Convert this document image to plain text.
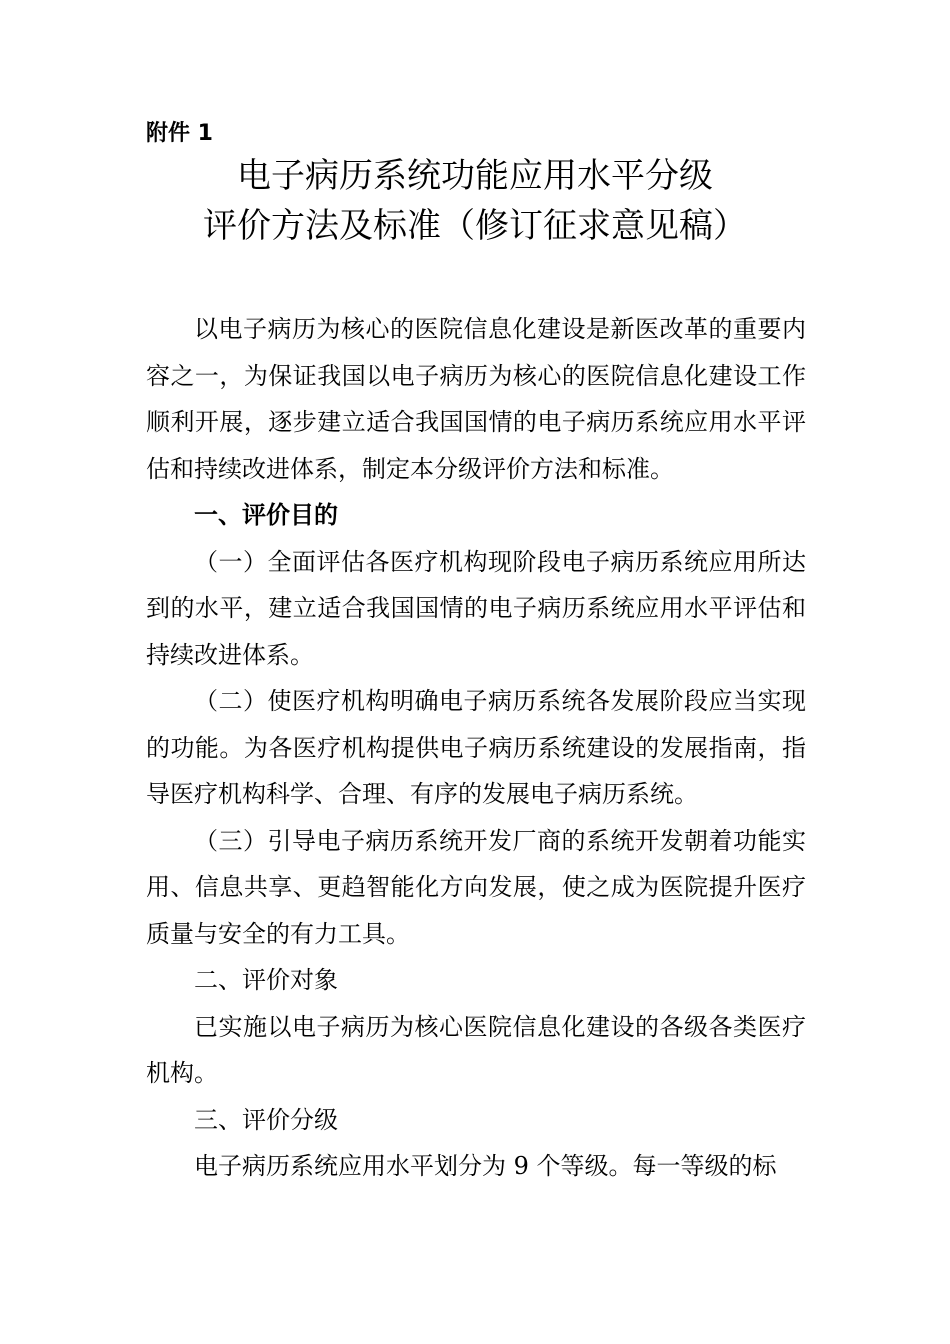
附件 1
电子病历系统功能应用水平分级
评价方法及标准（修订征求意见稿）

以电子病历为核心的医院信息化建设是新医改革的重要内容之一，为保证我国以电子病历为核心的医院信息化建设工作顺利开展，逐步建立适合我国国情的电子病历系统应用水平评估和持续改进体系，制定本分级评价方法和标准。

一、评价目的

（一）全面评估各医疗机构现阶段电子病历系统应用所达到的水平，建立适合我国国情的电子病历系统应用水平评估和持续改进体系。

（二）使医疗机构明确电子病历系统各发展阶段应当实现的功能。为各医疗机构提供电子病历系统建设的发展指南，指导医疗机构科学、合理、有序的发展电子病历系统。

（三）引导电子病历系统开发厂商的系统开发朝着功能实用、信息共享、更趋智能化方向发展，使之成为医院提升医疗质量与安全的有力工具。

二、评价对象

已实施以电子病历为核心医院信息化建设的各级各类医疗机构。

三、评价分级

电子病历系统应用水平划分为 9 个等级。每一等级的标
